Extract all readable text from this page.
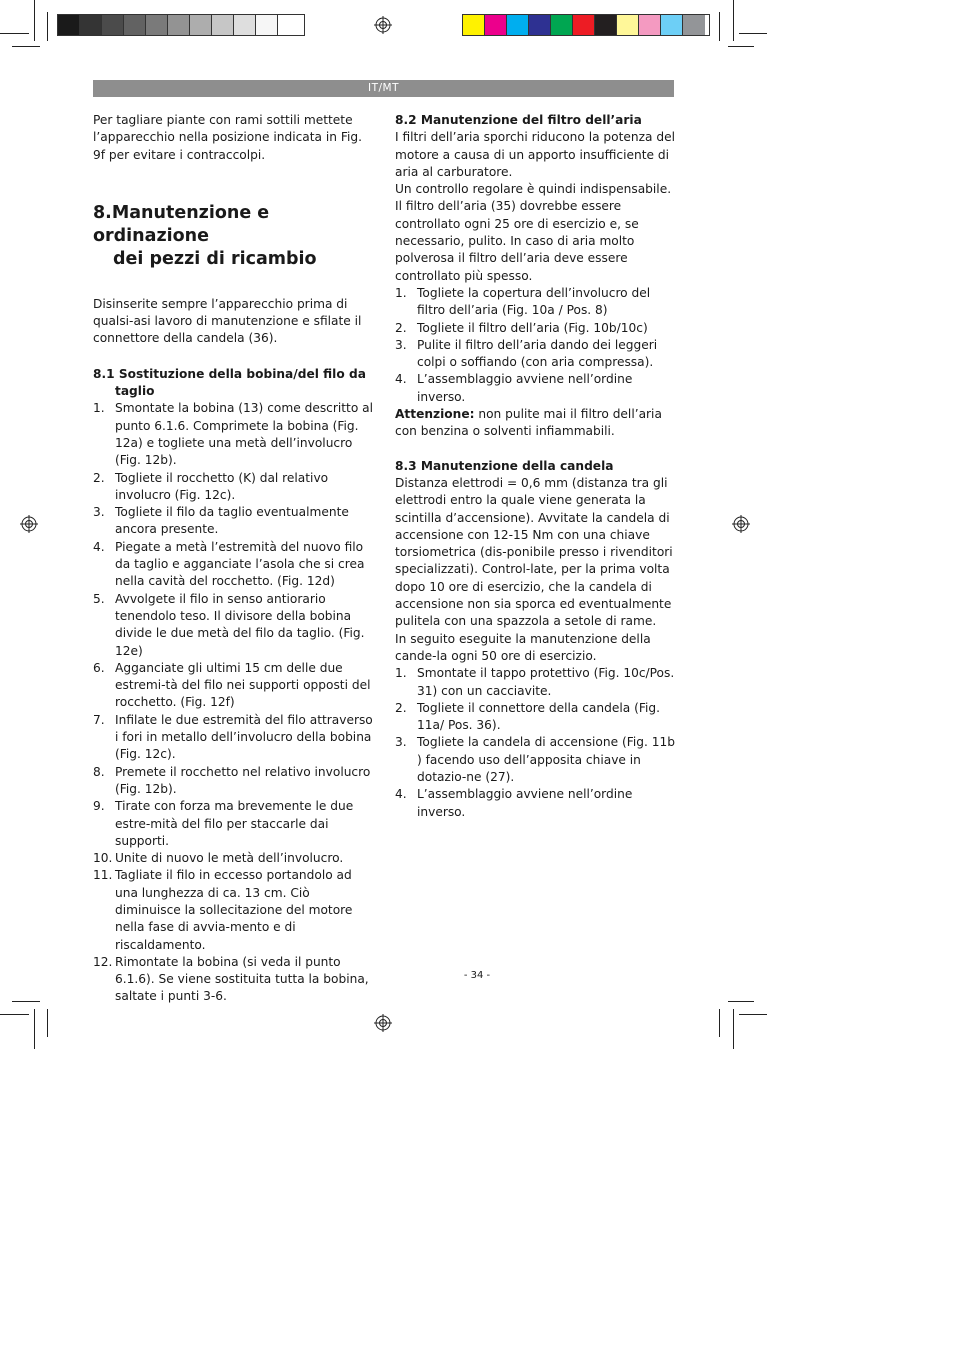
IT/MT

Per tagliare piante con rami sottili mettete l’apparecchio nella posizione indicata in Fig. 9f per evitare i contraccolpi.

8.Manutenzione e ordinazione
dei pezzi di ricambio

Disinserite sempre l’apparecchio prima di qualsi-asi lavoro di manutenzione e sfilate il connettore della candela (36).

8.1 Sostituzione della bobina/del filo da
taglio
1. Smontate la bobina (13) come descritto al punto 6.1.6. Comprimete la bobina (Fig. 12a) e togliete una metà dell’involucro (Fig. 12b).
2. Togliete il rocchetto (K) dal relativo involucro (Fig. 12c).
3. Togliete il filo da taglio eventualmente ancora presente.
4. Piegate a metà l’estremità del nuovo filo da taglio e agganciate l’asola che si crea nella cavità del rocchetto. (Fig. 12d)
5. Avvolgete il filo in senso antiorario tenendolo teso. Il divisore della bobina divide le due metà del filo da taglio. (Fig. 12e)
6. Agganciate gli ultimi 15 cm delle due estremi-tà del filo nei supporti opposti del rocchetto. (Fig. 12f)
7. Infilate le due estremità del filo attraverso i fori in metallo dell’involucro della bobina (Fig. 12c).
8. Premete il rocchetto nel relativo involucro (Fig. 12b).
9. Tirate con forza ma brevemente le due estre-mità del filo per staccarle dai supporti.
10. Unite di nuovo le metà dell’involucro.
11. Tagliate il filo in eccesso portandolo ad una lunghezza di ca. 13 cm. Ciò diminuisce la sollecitazione del motore nella fase di avvia-mento e di riscaldamento.
12. Rimontate la bobina (si veda il punto 6.1.6). Se viene sostituita tutta la bobina, saltate i punti 3-6.

8.2 Manutenzione del filtro dell’aria

I filtri dell’aria sporchi riducono la potenza del motore a causa di un apporto insufficiente di aria al carburatore.

Un controllo regolare è quindi indispensabile.

Il filtro dell’aria (35) dovrebbe essere controllato ogni 25 ore di esercizio e, se necessario, pulito. In caso di aria molto polverosa il filtro dell’aria deve essere controllato più spesso.

1. Togliete la copertura dell’involucro del filtro dell’aria (Fig. 10a / Pos. 8)
2. Togliete il filtro dell’aria (Fig. 10b/10c)
3. Pulite il filtro dell’aria dando dei leggeri colpi o soffiando (con aria compressa).
4. L’assemblaggio avviene nell’ordine inverso.

Attenzione: non pulite mai il filtro dell’aria con benzina o solventi infiammabili.

8.3 Manutenzione della candela

Distanza elettrodi = 0,6 mm (distanza tra gli elettrodi entro la quale viene generata la scintilla d’accensione). Avvitate la candela di accensione con 12-15 Nm con una chiave torsiometrica (dis-ponibile presso i rivenditori specializzati). Control-late, per la prima volta dopo 10 ore di esercizio, che la candela di accensione non sia sporca ed eventualmente pulitela con una spazzola a setole di rame.

In seguito eseguite la manutenzione della cande-la ogni 50 ore di esercizio.

1. Smontate il tappo protettivo (Fig. 10c/Pos. 31) con un cacciavite.
2. Togliete il connettore della candela (Fig. 11a/ Pos. 36).
3. Togliete la candela di accensione (Fig. 11b ) facendo uso dell’apposita chiave in dotazio-ne (27).
4. L’assemblaggio avviene nell’ordine inverso.
- 34 -
